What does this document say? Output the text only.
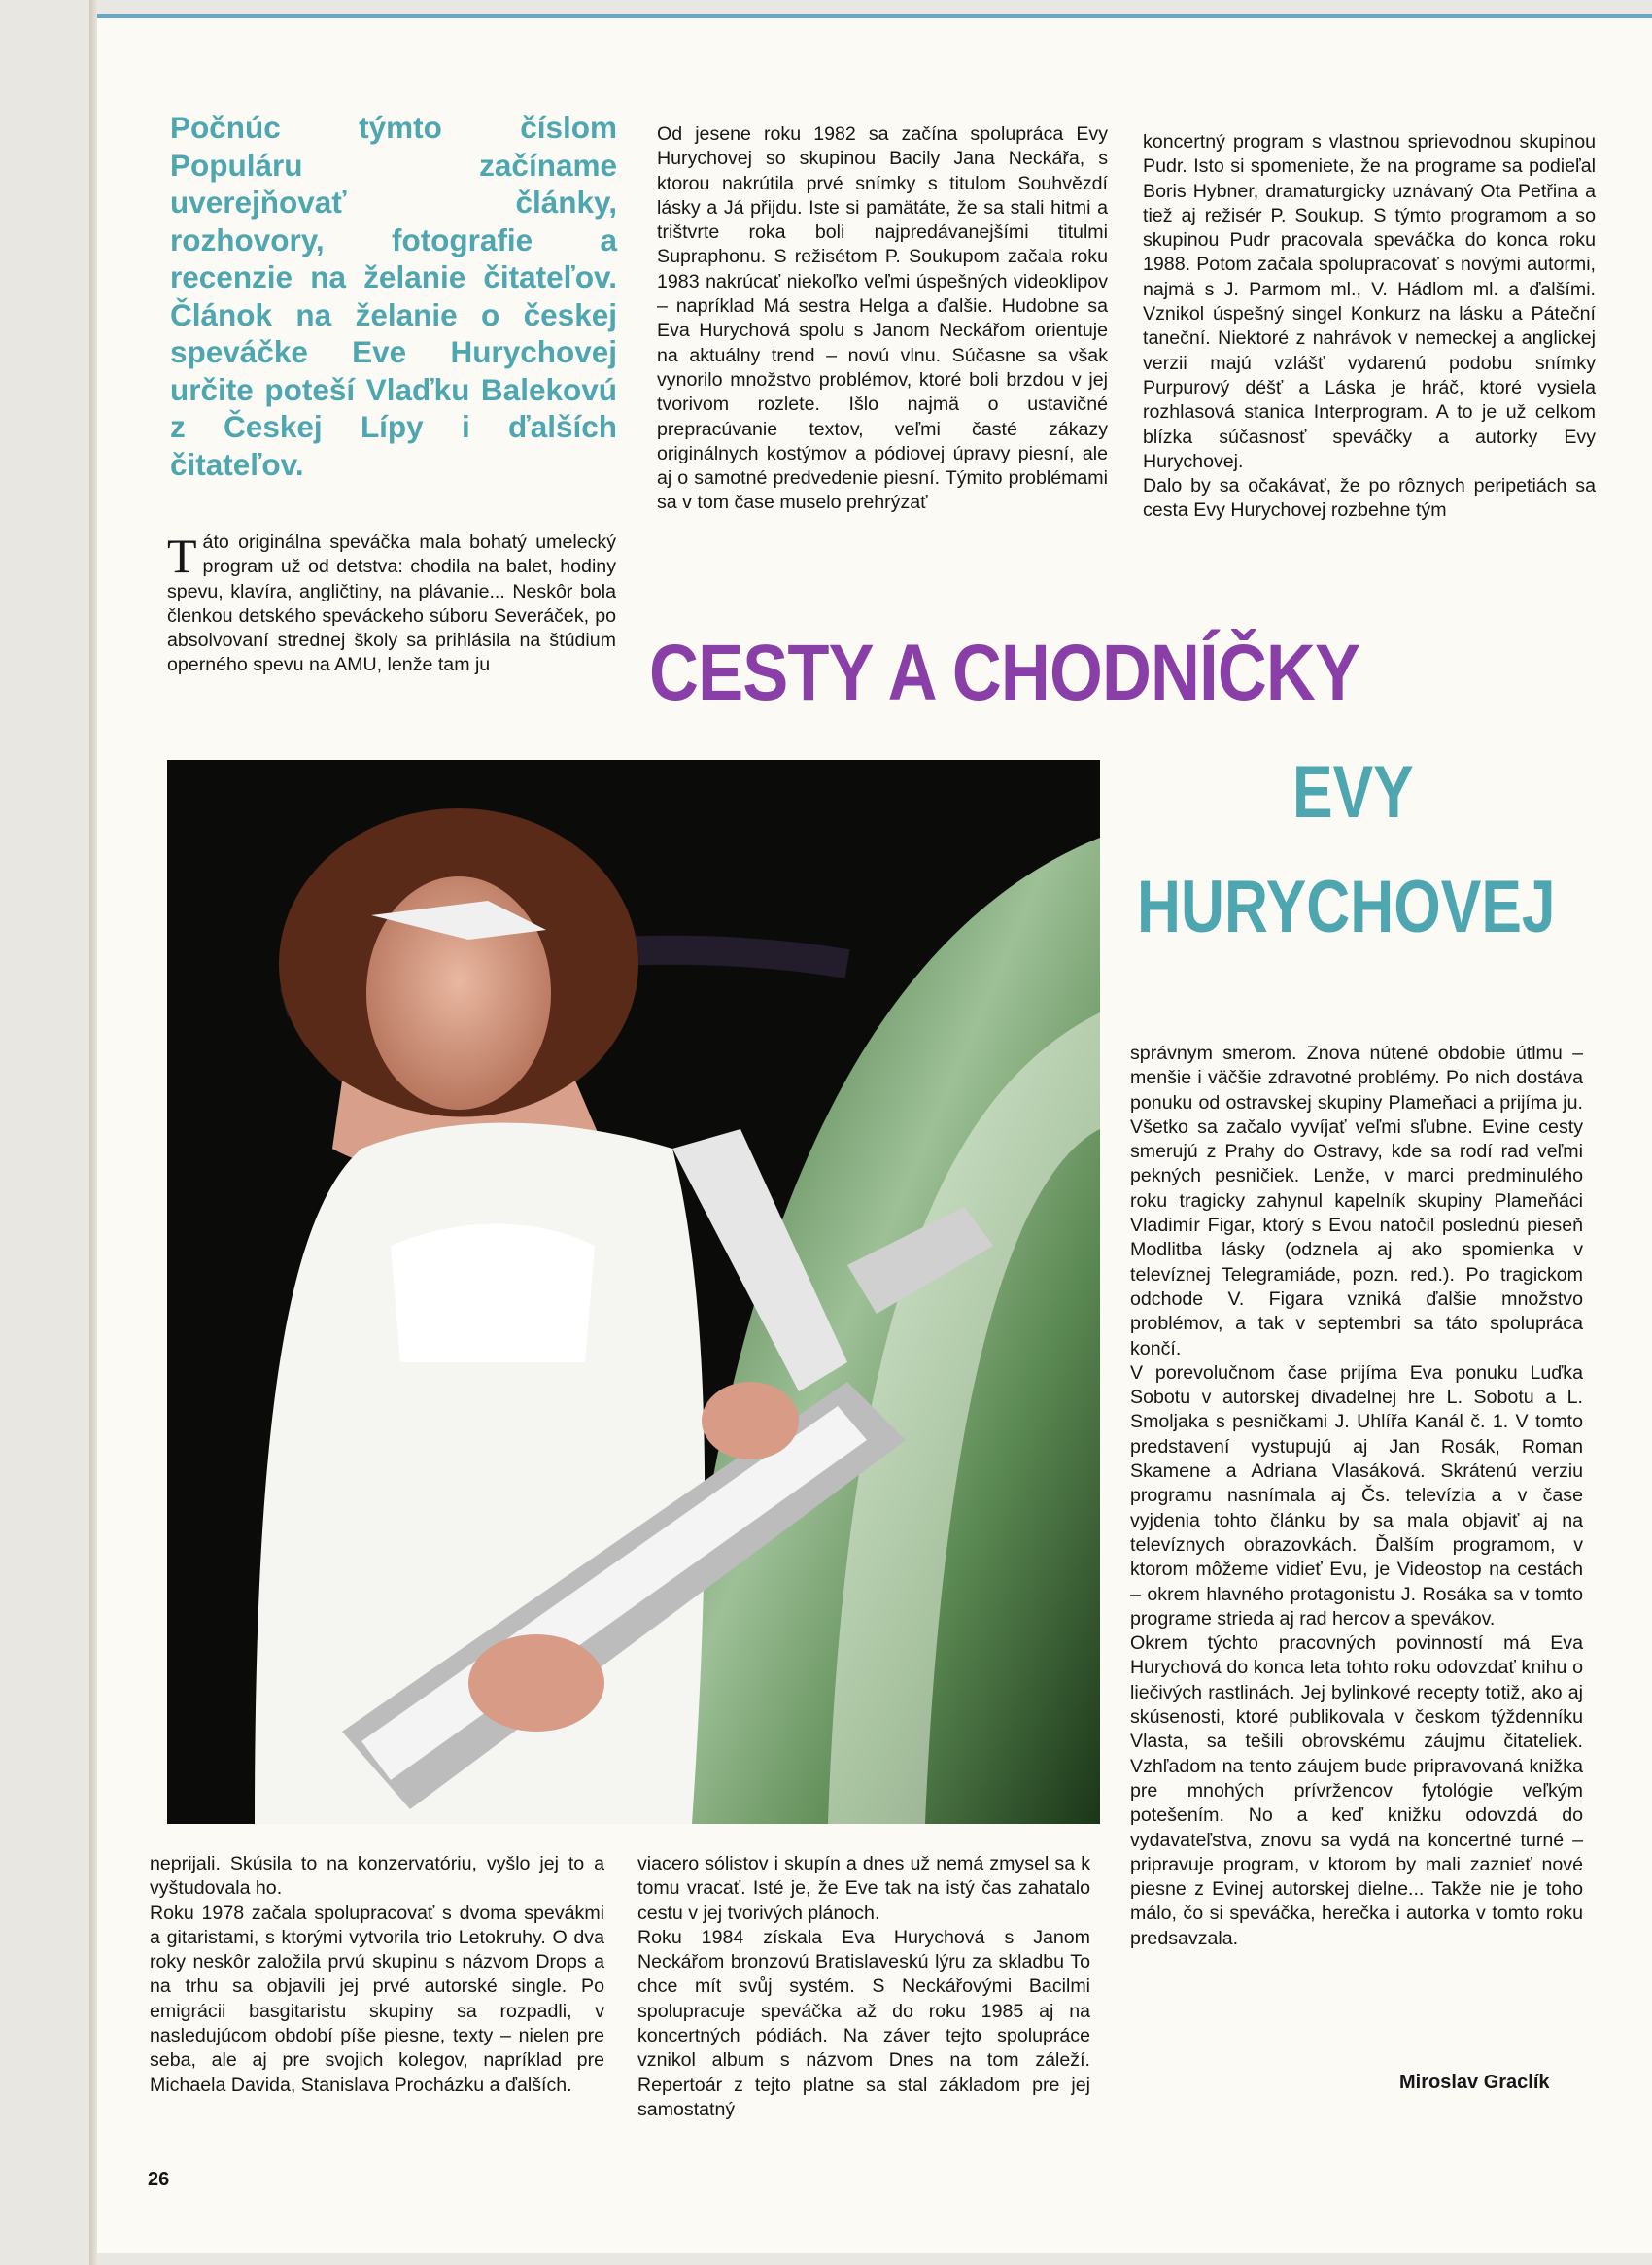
Počnúc týmto číslom Populáru začíname uverejňovať články, rozhovory, fotografie a recenzie na želanie čitateľov. Článok na želanie o českej speváčke Eve Hurychovej určite poteší Vlaďku Balekovú z Českej Lípy i ďalších čitateľov.
Táto originálna speváčka mala bohatý umelecký program už od detstva: chodila na balet, hodiny spevu, klavíra, angličtiny, na plávanie... Neskôr bola členkou detského speváckeho súboru Severáček, po absolvovaní strednej školy sa prihlásila na štúdium operného spevu na AMU, lenže tam ju

Od jesene roku 1982 sa začína spolupráca Evy Hurychovej so skupinou Bacily Jana Neckářa, s ktorou nakrútila prvé snímky s titulom Souhvězdí lásky a Já přijdu. Iste si pamätáte, že sa stali hitmi a trištvrte roka boli najpredávanejšími titulmi Supraphonu. S režisétom P. Soukupom začala roku 1983 nakrúcať niekoľko veľmi úspešných videoklipov – napríklad Má sestra Helga a ďalšie. Hudobne sa Eva Hurychová spolu s Janom Neckářom orientuje na aktuálny trend – novú vlnu. Súčasne sa však vynorilo množstvo problémov, ktoré boli brzdou v jej tvorivom rozlete. Išlo najmä o ustavičné prepracúvanie textov, veľmi časté zákazy originálnych kostýmov a pódiovej úpravy piesní, ale aj o samotné predvedenie piesní. Týmito problémami sa v tom čase muselo prehrýzať

koncertný program s vlastnou sprievodnou skupinou Pudr. Isto si spomeniete, že na programe sa podieľal Boris Hybner, dramaturgicky uznávaný Ota Petřina a tiež aj režisér P. Soukup. S týmto programom a so skupinou Pudr pracovala speváčka do konca roku 1988. Potom začala spolupracovať s novými autormi, najmä s J. Parmom ml., V. Hádlom ml. a ďalšími. Vznikol úspešný singel Konkurz na lásku a Páteční taneční. Niektoré z nahrávok v nemeckej a anglickej verzii majú vzlášť vydarenú podobu snímky Purpurový déšť a Láska je hráč, ktoré vysiela rozhlasová stanica Interprogram. A to je už celkom blízka súčasnosť speváčky a autorky Evy Hurychovej.

Dalo by sa očakávať, že po rôznych peripetiách sa cesta Evy Hurychovej rozbehne tým

CESTY A CHODNÍČKY
EVY
HURYCHOVEJ

správnym smerom. Znova nútené obdobie útlmu – menšie i väčšie zdravotné problémy. Po nich dostáva ponuku od ostravskej skupiny Plameňaci a prijíma ju. Všetko sa začalo vyvíjať veľmi sľubne. Evine cesty smerujú z Prahy do Ostravy, kde sa rodí rad veľmi pekných pesničiek. Lenže, v marci predminulého roku tragicky zahynul kapelník skupiny Plameňáci Vladimír Figar, ktorý s Evou natočil poslednú pieseň Modlitba lásky (odznela aj ako spomienka v televíznej Telegramiáde, pozn. red.). Po tragickom odchode V. Figara vzniká ďalšie množstvo problémov, a tak v septembri sa táto spolupráca končí.

V porevolučnom čase prijíma Eva ponuku Luďka Sobotu v autorskej divadelnej hre L. Sobotu a L. Smoljaka s pesničkami J. Uhlířa Kanál č. 1. V tomto predstavení vystupujú aj Jan Rosák, Roman Skamene a Adriana Vlasáková. Skrátenú verziu programu nasnímala aj Čs. televízia a v čase vyjdenia tohto článku by sa mala objaviť aj na televíznych obrazovkách. Ďalším programom, v ktorom môžeme vidieť Evu, je Videostop na cestách – okrem hlavného protagonistu J. Rosáka sa v tomto programe strieda aj rad hercov a spevákov.

Okrem týchto pracovných povinností má Eva Hurychová do konca leta tohto roku odovzdať knihu o liečivých rastlinách. Jej bylinkové recepty totiž, ako aj skúsenosti, ktoré publikovala v českom týždenníku Vlasta, sa tešili obrovskému záujmu čitateliek. Vzhľadom na tento záujem bude pripravovaná knižka pre mnohých prívržencov fytológie veľkým potešením. No a keď knižku odovzdá do vydavateľstva, znovu sa vydá na koncertné turné – pripravuje program, v ktorom by mali zaznieť nové piesne z Evinej autorskej dielne... Takže nie je toho málo, čo si speváčka, herečka i autorka v tomto roku predsavzala.

neprijali. Skúsila to na konzervatóriu, vyšlo jej to a vyštudovala ho.

Roku 1978 začala spolupracovať s dvoma spevákmi a gitaristami, s ktorými vytvorila trio Letokruhy. O dva roky neskôr založila prvú skupinu s názvom Drops a na trhu sa objavili jej prvé autorské single. Po emigrácii basgitaristu skupiny sa rozpadli, v nasledujúcom období píše piesne, texty – nielen pre seba, ale aj pre svojich kolegov, napríklad pre Michaela Davida, Stanislava Procházku a ďalších.

viacero sólistov i skupín a dnes už nemá zmysel sa k tomu vracať. Isté je, že Eve tak na istý čas zahatalo cestu v jej tvorivých plánoch.

Roku 1984 získala Eva Hurychová s Janom Neckářom bronzovú Bratislaveskú lýru za skladbu To chce mít svůj systém. S Neckářovými Bacilmi spolupracuje speváčka až do roku 1985 aj na koncertných pódiách. Na záver tejto spolupráce vznikol album s názvom Dnes na tom záleží. Repertoár z tejto platne sa stal základom pre jej samostatný

Miroslav Graclík
26
